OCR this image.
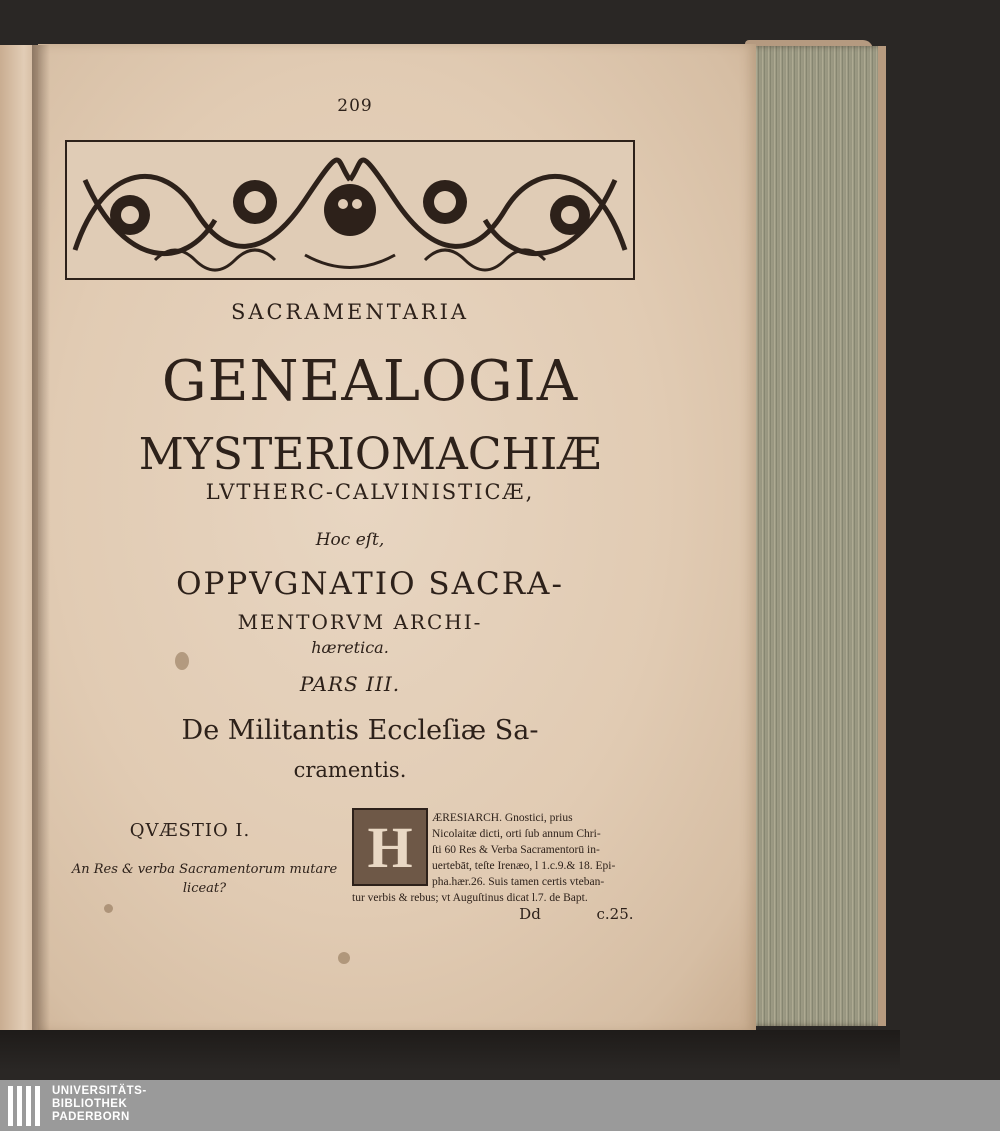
209
SACRAMENTARIA
GENEALOGIA
MYSTERIOMACHIÆ
LVTHERC-CALVINISTICÆ,
Hoc eſt,
OPPVGNATIO SACRA-
MENTORVM ARCHI-
hæretica.
PARS III.
De Militantis Eccleſiæ Sa-
cramentis.
QVÆSTIO I.
An Res & verba Sacramentorum mutare
liceat?
H	ÆRESIARCH. Gnostici, prius
Nicolaitæ dicti, orti ſub annum Chri-
ſti 60 Res & Verba Sacramentorū in-
uertebāt, teſte Irenæo, l 1.c.9.& 18. Epi-
pha.hær.26. Suis tamen certis vteban-
tur verbis & rebus; vt Auguſtinus dicat l.7. de Bapt.
Dd	c.25.
UNIVERSITÄTS-
BIBLIOTHEK
PADERBORN
